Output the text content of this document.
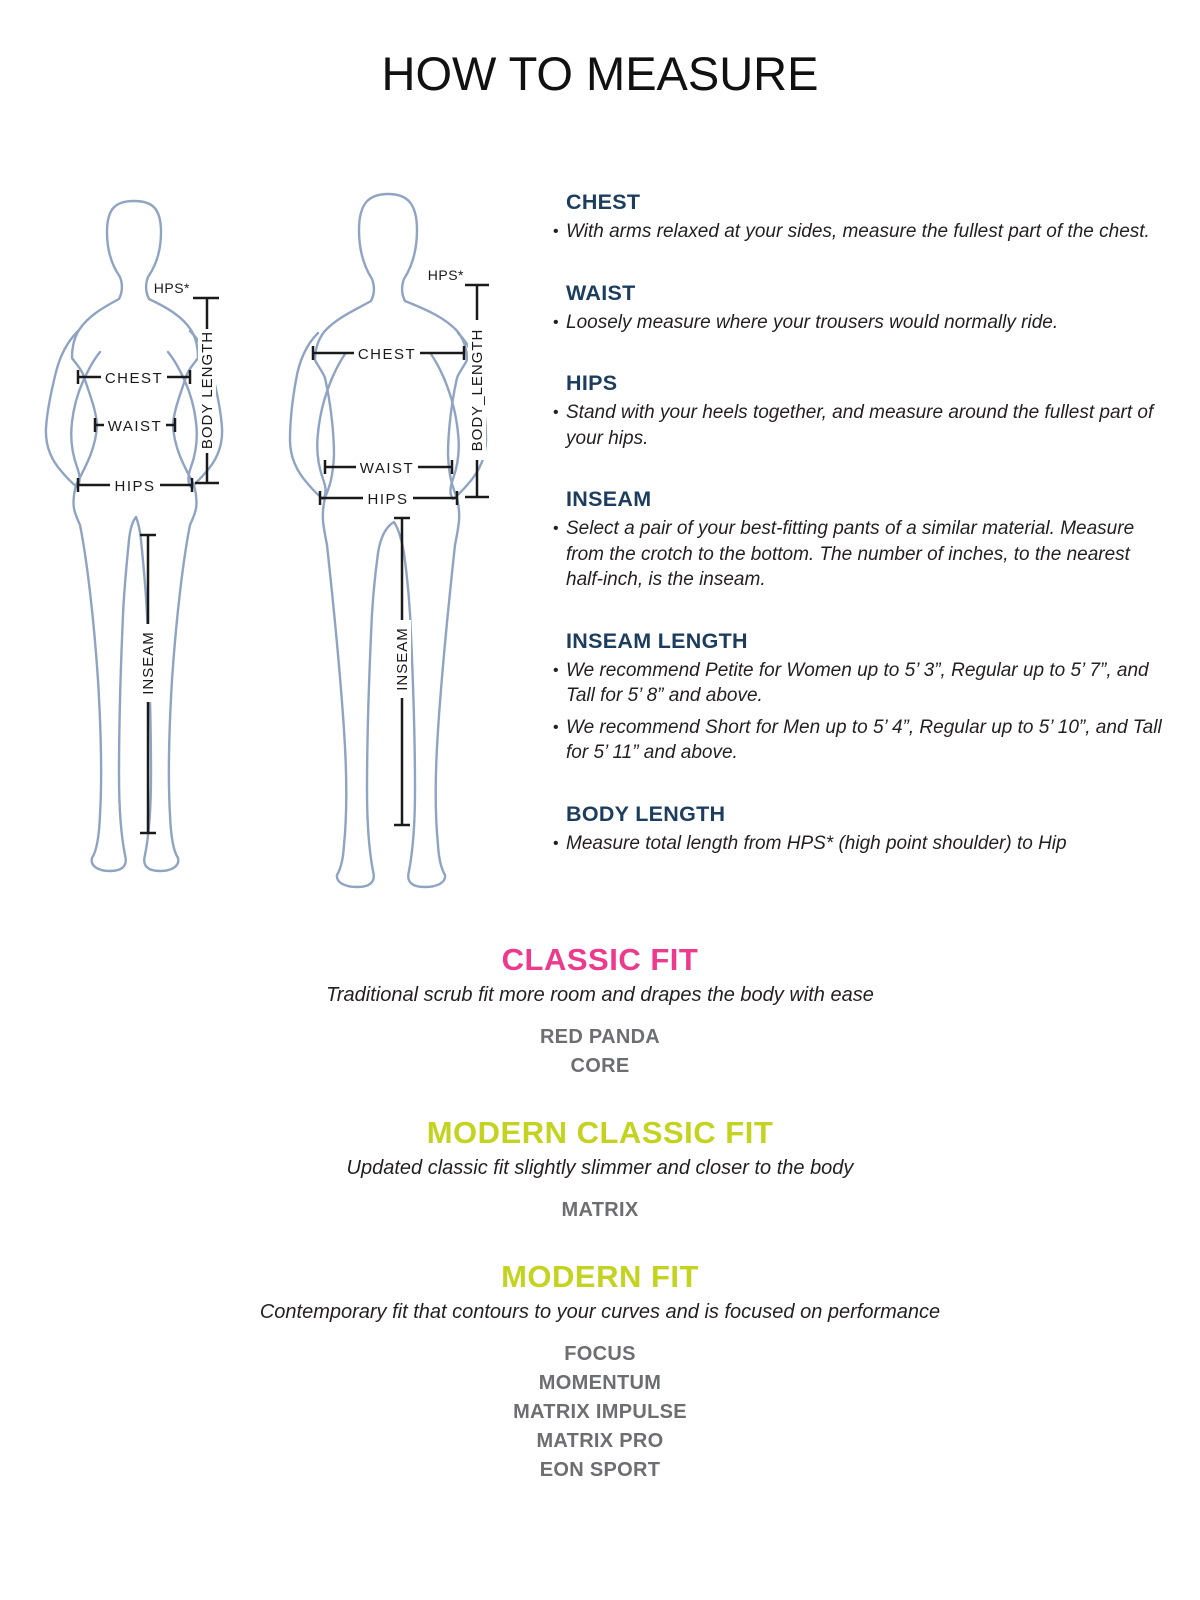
HOW TO MEASURE
HPS*
BODY LENGTH
CHEST
WAIST
HIPS
INSEAM
HPS*
BODY_LENGTH
CHEST
WAIST
HIPS
INSEAM
CHEST

• With arms relaxed at your sides, measure the fullest part of the chest.

WAIST

• Loosely measure where your trousers would normally ride.

HIPS

• Stand with your heels together, and measure around the fullest part of your hips.

INSEAM

• Select a pair of your best-fitting pants of a similar material. Measure from the crotch to the bottom. The number of inches, to the nearest half-inch, is the inseam.

INSEAM LENGTH

• We recommend Petite for Women up to 5’ 3”, Regular up to 5’ 7”, and Tall for 5’ 8” and above.

• We recommend Short for Men up to 5’ 4”, Regular up to 5’ 10”, and Tall for 5’ 11” and above.

BODY LENGTH

• Measure total length from HPS* (high point shoulder) to Hip

CLASSIC FIT

Traditional scrub fit more room and drapes the body with ease

RED PANDA
CORE
MODERN CLASSIC FIT

Updated classic fit slightly slimmer and closer to the body

MATRIX
MODERN FIT

Contemporary fit that contours to your curves and is focused on performance

FOCUS
MOMENTUM
MATRIX IMPULSE
MATRIX PRO
EON SPORT
